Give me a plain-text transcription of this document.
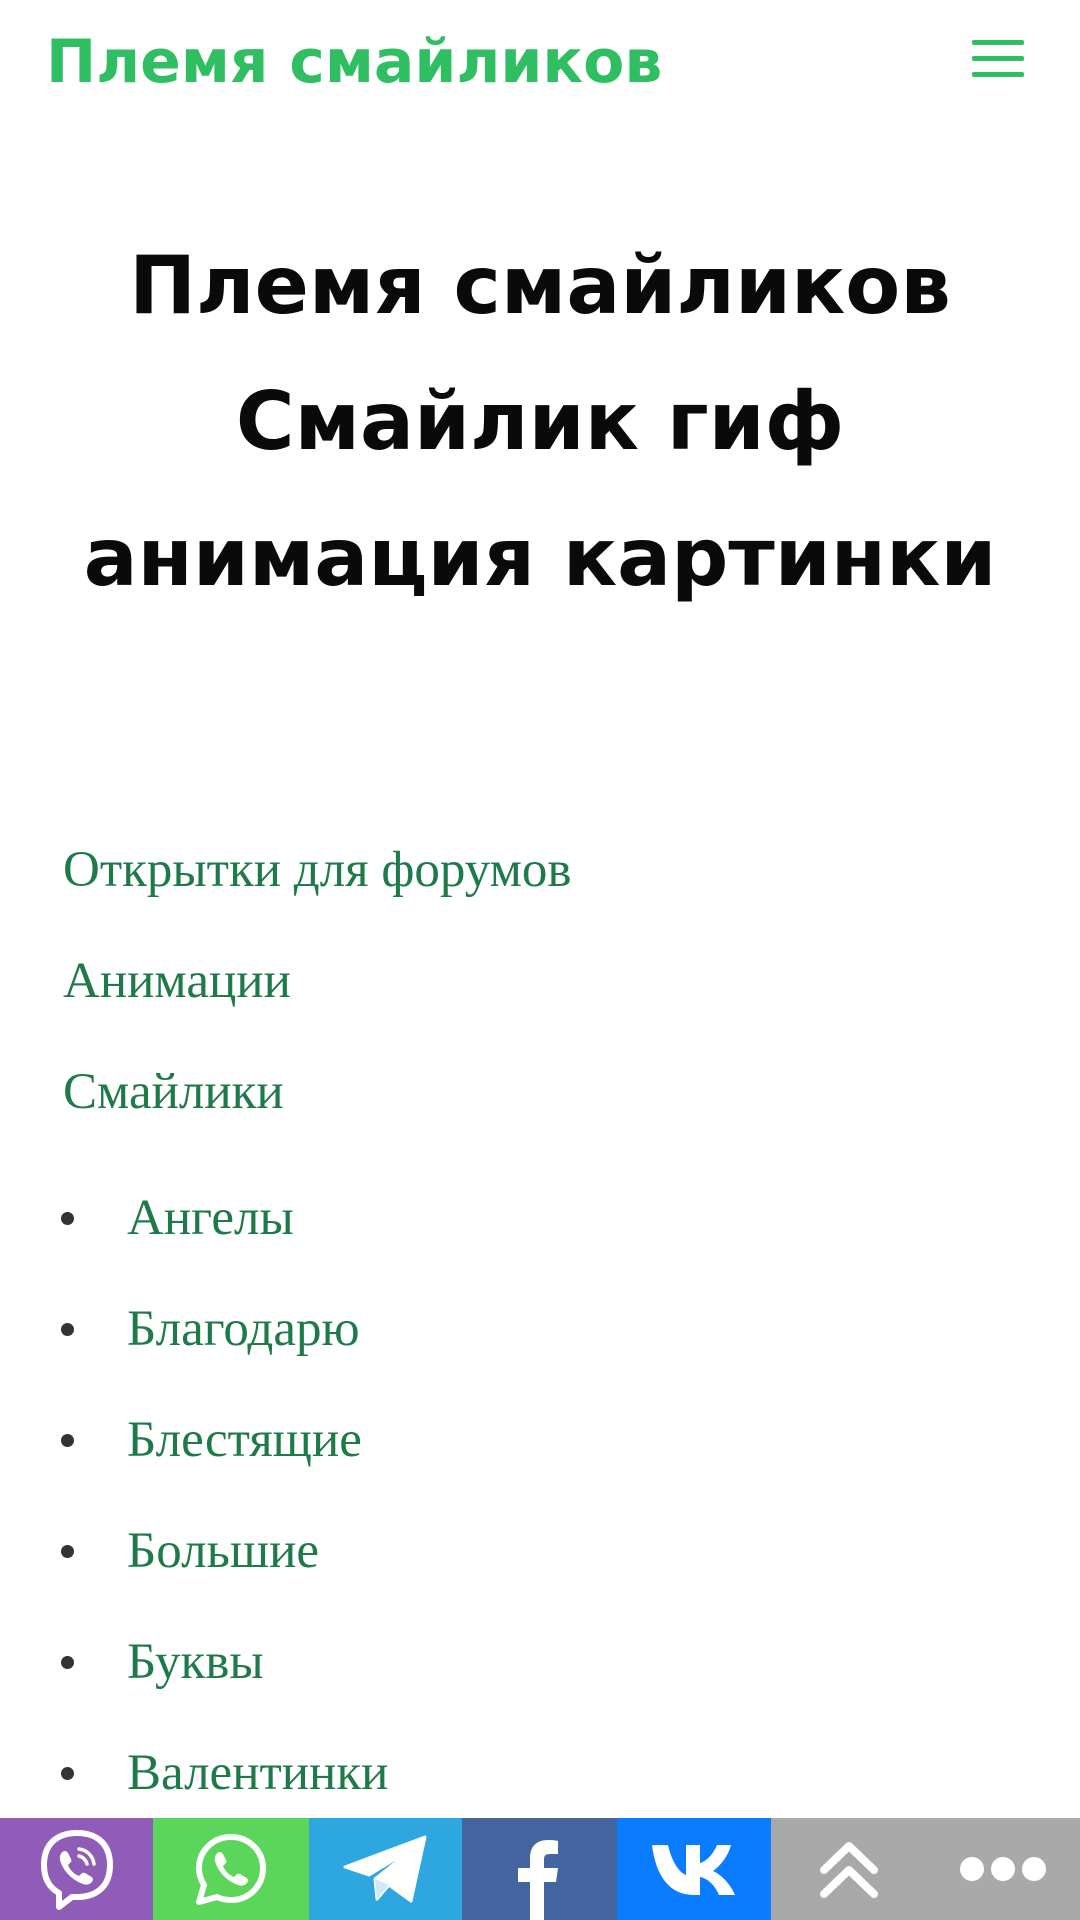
Племя смайликов
Племя смайликов Смайлик гиф анимация картинки
Открытки для форумов
Анимации
Смайлики
Ангелы
Благодарю
Блестящие
Большие
Буквы
Валентинки
